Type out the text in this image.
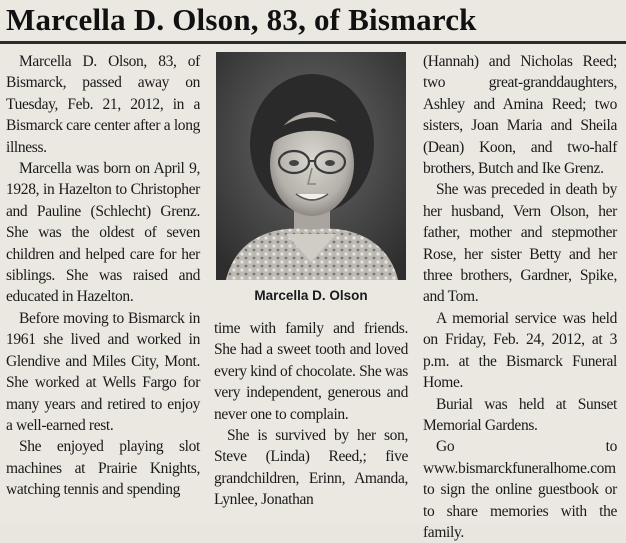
Marcella D. Olson, 83, of Bismarck

Marcella D. Olson, 83, of Bismarck, passed away on Tuesday, Feb. 21, 2012, in a Bismarck care center after a long illness.

Marcella was born on April 9, 1928, in Hazelton to Christopher and Pauline (Schlecht) Grenz. She was the oldest of seven children and helped care for her siblings. She was raised and educated in Hazelton.

Before moving to Bismarck in 1961 she lived and worked in Glendive and Miles City, Mont. She worked at Wells Fargo for many years and retired to enjoy a well-earned rest.

She enjoyed playing slot machines at Prairie Knights, watching tennis and spending

Marcella D. Olson

time with family and friends. She had a sweet tooth and loved every kind of chocolate. She was very independent, generous and never one to complain.

She is survived by her son, Steve (Linda) Reed,; five grandchildren, Erinn, Amanda, Lynlee, Jonathan

(Hannah) and Nicholas Reed; two great-granddaughters, Ashley and Amina Reed; two sisters, Joan Maria and Sheila (Dean) Koon, and two-half brothers, Butch and Ike Grenz.

She was preceded in death by her husband, Vern Olson, her father, mother and stepmother Rose, her sister Betty and her three brothers, Gardner, Spike, and Tom.

A memorial service was held on Friday, Feb. 24, 2012, at 3 p.m. at the Bismarck Funeral Home.

Burial was held at Sunset Memorial Gardens.

Go to www.bismarckfuneralhome.com to sign the online guestbook or to share memories with the family.
